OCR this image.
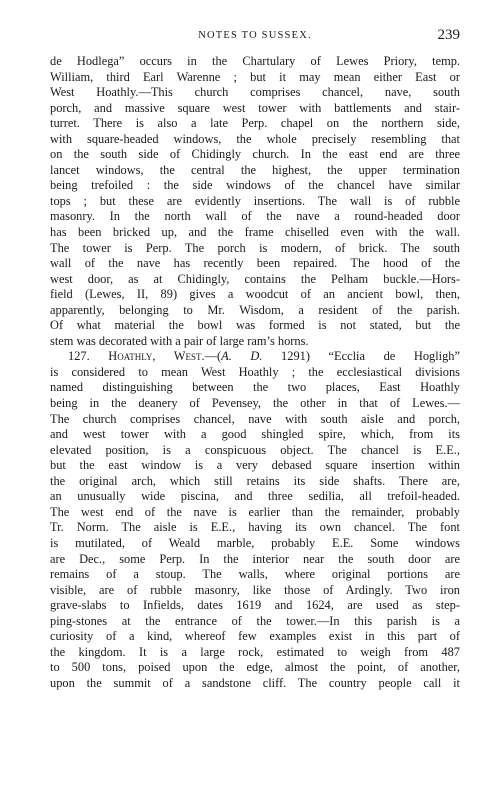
NOTES TO SUSSEX.	239

de Hodlega” occurs in the Chartulary of Lewes Priory, temp.

William, third Earl Warenne ; but it may mean either East or

West Hoathly.—This church comprises chancel, nave, south

porch, and massive square west tower with battlements and stair-

turret. There is also a late Perp. chapel on the northern side,

with square-headed windows, the whole precisely resembling that

on the south side of Chidingly church. In the east end are three

lancet windows, the central the highest, the upper termination

being trefoiled : the side windows of the chancel have similar

tops ; but these are evidently insertions. The wall is of rubble

masonry. In the north wall of the nave a round-headed door

has been bricked up, and the frame chiselled even with the wall.

The tower is Perp. The porch is modern, of brick. The south

wall of the nave has recently been repaired. The hood of the

west door, as at Chidingly, contains the Pelham buckle.—Hors-

field (Lewes, II, 89) gives a woodcut of an ancient bowl, then,

apparently, belonging to Mr. Wisdom, a resident of the parish.

Of what material the bowl was formed is not stated, but the

stem was decorated with a pair of large ram’s horns.

127. Hoathly, West.—(A. D. 1291) “Ecclia de Hogligh”

is considered to mean West Hoathly ; the ecclesiastical divisions

named distinguishing between the two places, East Hoathly

being in the deanery of Pevensey, the other in that of Lewes.—

The church comprises chancel, nave with south aisle and porch,

and west tower with a good shingled spire, which, from its

elevated position, is a conspicuous object. The chancel is E.E.,

but the east window is a very debased square insertion within

the original arch, which still retains its side shafts. There are,

an unusually wide piscina, and three sedilia, all trefoil-headed.

The west end of the nave is earlier than the remainder, probably

Tr. Norm. The aisle is E.E., having its own chancel. The font

is mutilated, of Weald marble, probably E.E. Some windows

are Dec., some Perp. In the interior near the south door are

remains of a stoup. The walls, where original portions are

visible, are of rubble masonry, like those of Ardingly. Two iron

grave-slabs to Infields, dates 1619 and 1624, are used as step-

ping-stones at the entrance of the tower.—In this parish is a

curiosity of a kind, whereof few examples exist in this part of

the kingdom. It is a large rock, estimated to weigh from 487

to 500 tons, poised upon the edge, almost the point, of another,

upon the summit of a sandstone cliff. The country people call it
